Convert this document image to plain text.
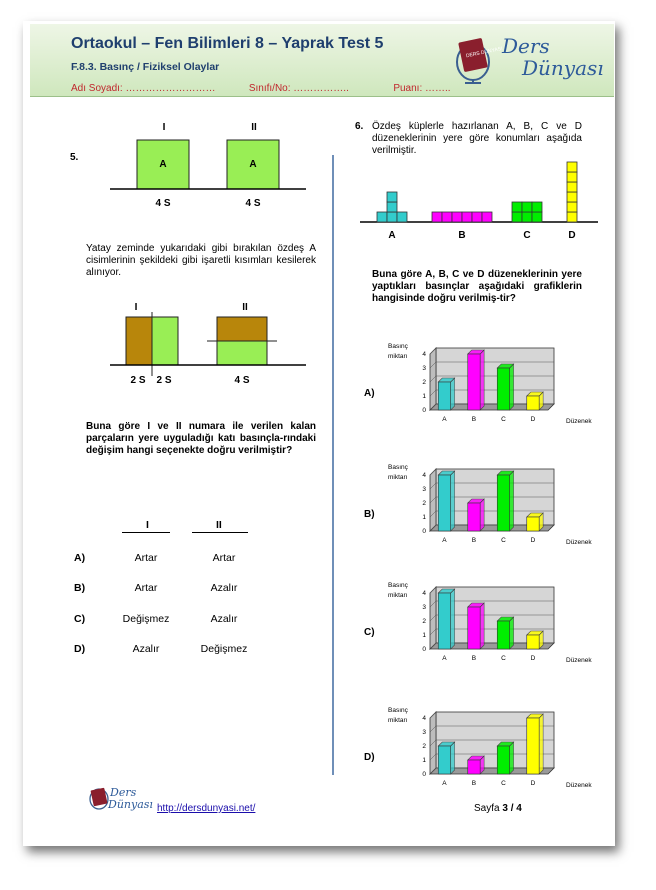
Ortaokul – Fen Bilimleri 8 – Yaprak Test 5
F.8.3. Basınç / Fiziksel Olaylar
Adı Soyadı: ………………………	Sınıfı/No: ……………..	Puanı: ……..
DERS DÜNYASI
Ders
Dünyası
5.
I	II
A	A
4 S	4 S
Yatay zeminde yukarıdaki gibi bırakılan özdeş A cisimlerinin şekildeki gibi işaretli kısımları kesilerek alınıyor.
I	II
2 S 2 S	4 S
Buna göre I ve II numara ile verilen kalan parçaların yere uyguladığı katı basınçla-rındaki değişim hangi seçenekte doğru verilmiştir?
I	II
A)	Artar	Artar
B)	Artar	Azalır
C)	Değişmez	Azalır
D)	Azalır	Değişmez
6. Özdeş küplerle hazırlanan A, B, C ve D düzeneklerinin yere göre konumları aşağıda verilmiştir.
A	B	C	D
Buna göre A, B, C ve D düzeneklerinin yere yaptıkları basınçlar aşağıdaki grafiklerin hangisinde doğru verilmiş-tir?
A)
Basınç
miktarı
0
1
2
3
4
A	B	C	D	Düzenek
B)
Basınç
miktarı
0
1
2
3
4
A	B	C	D	Düzenek
C)
Basınç
miktarı
0
1
2
3
4
A	B	C	D	Düzenek
D)
Basınç
miktarı
0
1
2
3
4
A	B	C	D	Düzenek
Ders
Dünyası http://dersdunyasi.net/	Sayfa 3 / 4
